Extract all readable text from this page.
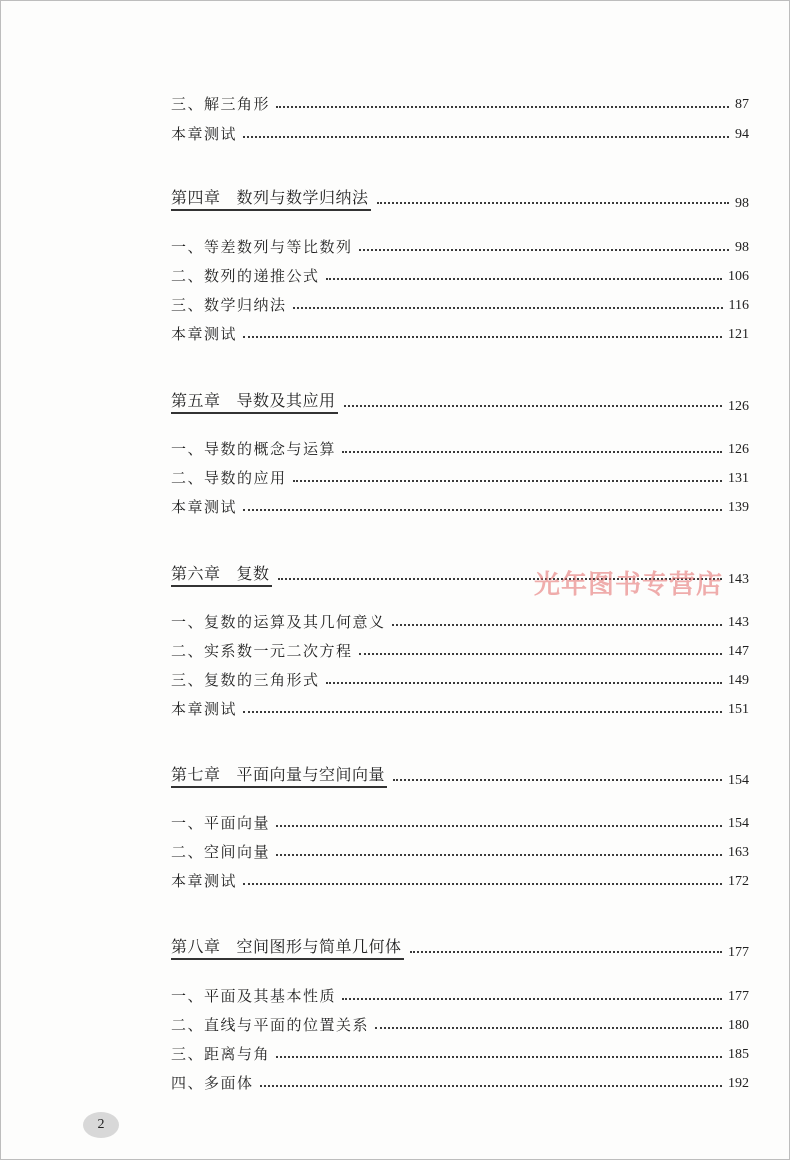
三、解三角形	87
本章测试	94
第四章 数列与数学归纳法	98
一、等差数列与等比数列	98
二、数列的递推公式	106
三、数学归纳法	116
本章测试	121
第五章 导数及其应用	126
一、导数的概念与运算	126
二、导数的应用	131
本章测试	139
第六章 复数	143
一、复数的运算及其几何意义	143
二、实系数一元二次方程	147
三、复数的三角形式	149
本章测试	151
第七章 平面向量与空间向量	154
一、平面向量	154
二、空间向量	163
本章测试	172
第八章 空间图形与简单几何体	177
一、平面及其基本性质	177
二、直线与平面的位置关系	180
三、距离与角	185
四、多面体	192
光年图书专营店
2
